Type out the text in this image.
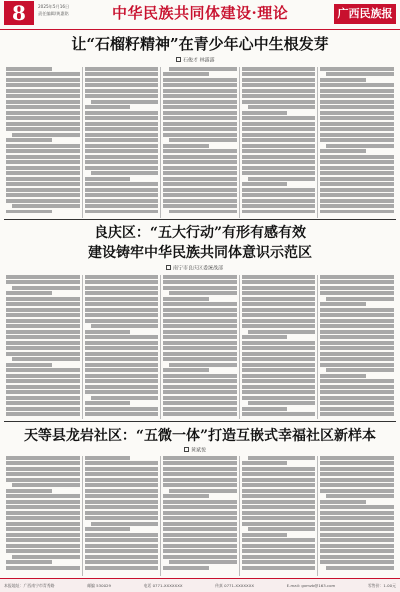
8	2025年5月16日
责任编辑/黄惠铭	中华民族共同体建设·理论	广西民族报
让“石榴籽精神”在青少年心中生根发芽
石俊才 林露露
良庆区：“五大行动”有形有感有效
建设铸牢中华民族共同体意识示范区
南宁市良庆区委统战部
天等县龙岩社区：“五微一体”打造互嵌式幸福社区新样本
黄斌悦
本报地址：广西南宁市青秀路	邮编 530029	电话 0771-XXXXXXX	传真 0771-XXXXXXX	E-mail: gxmzb@163.com	零售价：1.00元
